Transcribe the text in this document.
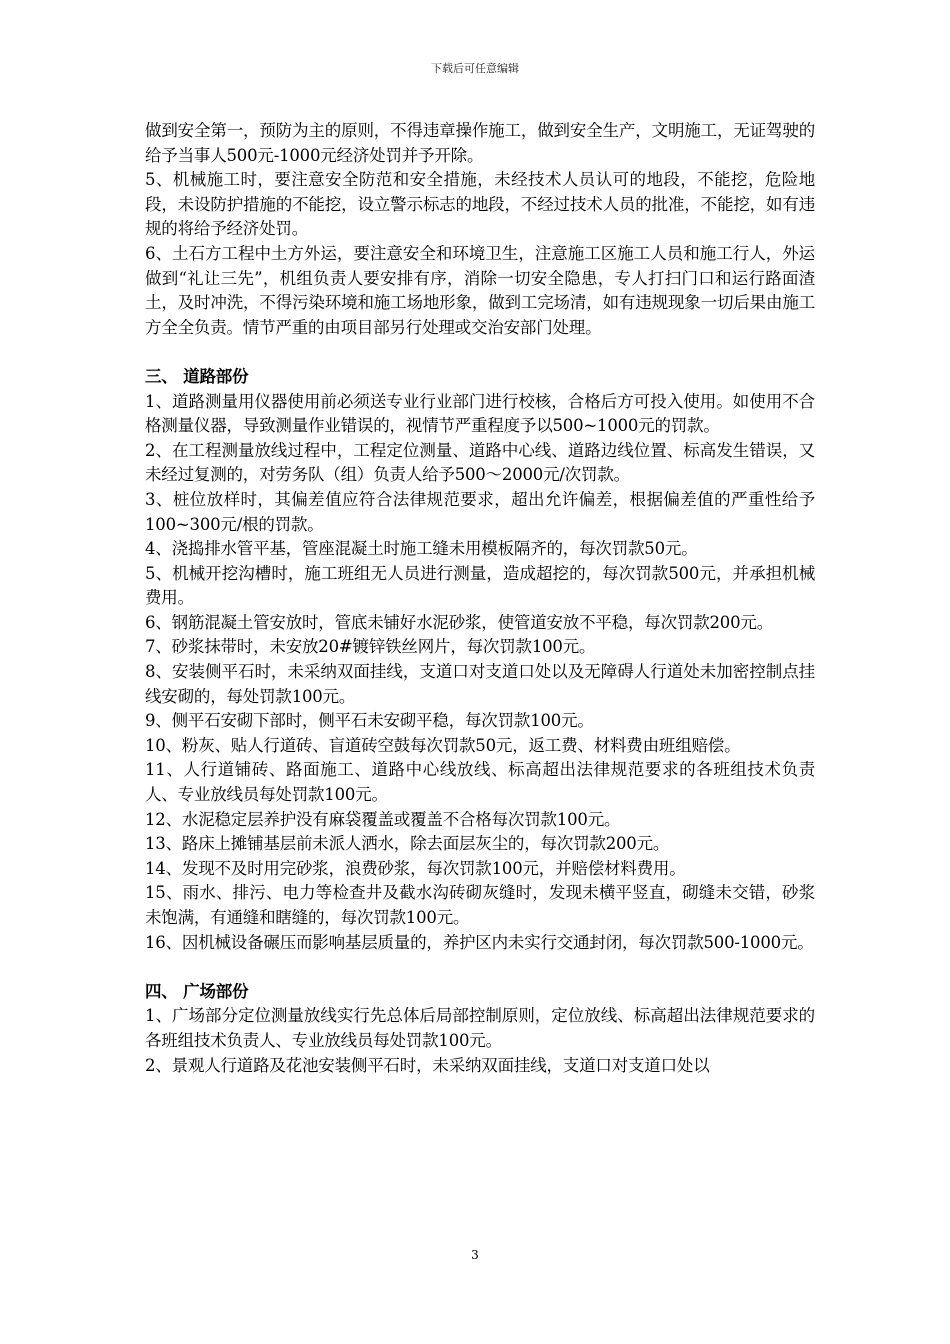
下载后可任意编辑

做到安全第一，预防为主的原则，不得违章操作施工，做到安全生产，文明施工，无证驾驶的给予当事人500元-1000元经济处罚并予开除。

5、机械施工时，要注意安全防范和安全措施，未经技术人员认可的地段，不能挖，危险地段，未设防护措施的不能挖，设立警示标志的地段，不经过技术人员的批准，不能挖，如有违规的将给予经济处罚。

6、土石方工程中土方外运，要注意安全和环境卫生，注意施工区施工人员和施工行人，外运做到“礼让三先”，机组负责人要安排有序，消除一切安全隐患，专人打扫门口和运行路面渣土，及时冲洗，不得污染环境和施工场地形象，做到工完场清，如有违规现象一切后果由施工方全全负责。情节严重的由项目部另行处理或交治安部门处理。

三、 道路部份

1、道路测量用仪器使用前必须送专业行业部门进行校核，合格后方可投入使用。如使用不合格测量仪器，导致测量作业错误的，视情节严重程度予以500~1000元的罚款。

2、在工程测量放线过程中，工程定位测量、道路中心线、道路边线位置、标高发生错误，又未经过复测的，对劳务队（组）负责人给予500～2000元/次罚款。

3、桩位放样时，其偏差值应符合法律规范要求，超出允许偏差，根据偏差值的严重性给予100~300元/根的罚款。

4、浇捣排水管平基，管座混凝土时施工缝未用模板隔齐的，每次罚款50元。

5、机械开挖沟槽时，施工班组无人员进行测量，造成超挖的，每次罚款500元，并承担机械费用。

6、钢筋混凝土管安放时，管底未铺好水泥砂浆，使管道安放不平稳，每次罚款200元。

7、砂浆抹带时，未安放20#镀锌铁丝网片，每次罚款100元。

8、安装侧平石时，未采纳双面挂线，支道口对支道口处以及无障碍人行道处未加密控制点挂线安砌的，每处罚款100元。

9、侧平石安砌下部时，侧平石未安砌平稳，每次罚款100元。

10、粉灰、贴人行道砖、盲道砖空鼓每次罚款50元，返工费、材料费由班组赔偿。

11、人行道铺砖、路面施工、道路中心线放线、标高超出法律规范要求的各班组技术负责人、专业放线员每处罚款100元。

12、水泥稳定层养护没有麻袋覆盖或覆盖不合格每次罚款100元。

13、路床上摊铺基层前未派人洒水，除去面层灰尘的，每次罚款200元。

14、发现不及时用完砂浆，浪费砂浆，每次罚款100元，并赔偿材料费用。

15、雨水、排污、电力等检查井及截水沟砖砌灰缝时，发现未横平竖直，砌缝未交错，砂浆未饱满，有通缝和瞎缝的，每次罚款100元。

16、因机械设备碾压而影响基层质量的，养护区内未实行交通封闭，每次罚款500-1000元。

四、 广场部份

1、广场部分定位测量放线实行先总体后局部控制原则，定位放线、标高超出法律规范要求的各班组技术负责人、专业放线员每处罚款100元。

2、景观人行道路及花池安装侧平石时，未采纳双面挂线，支道口对支道口处以

3
